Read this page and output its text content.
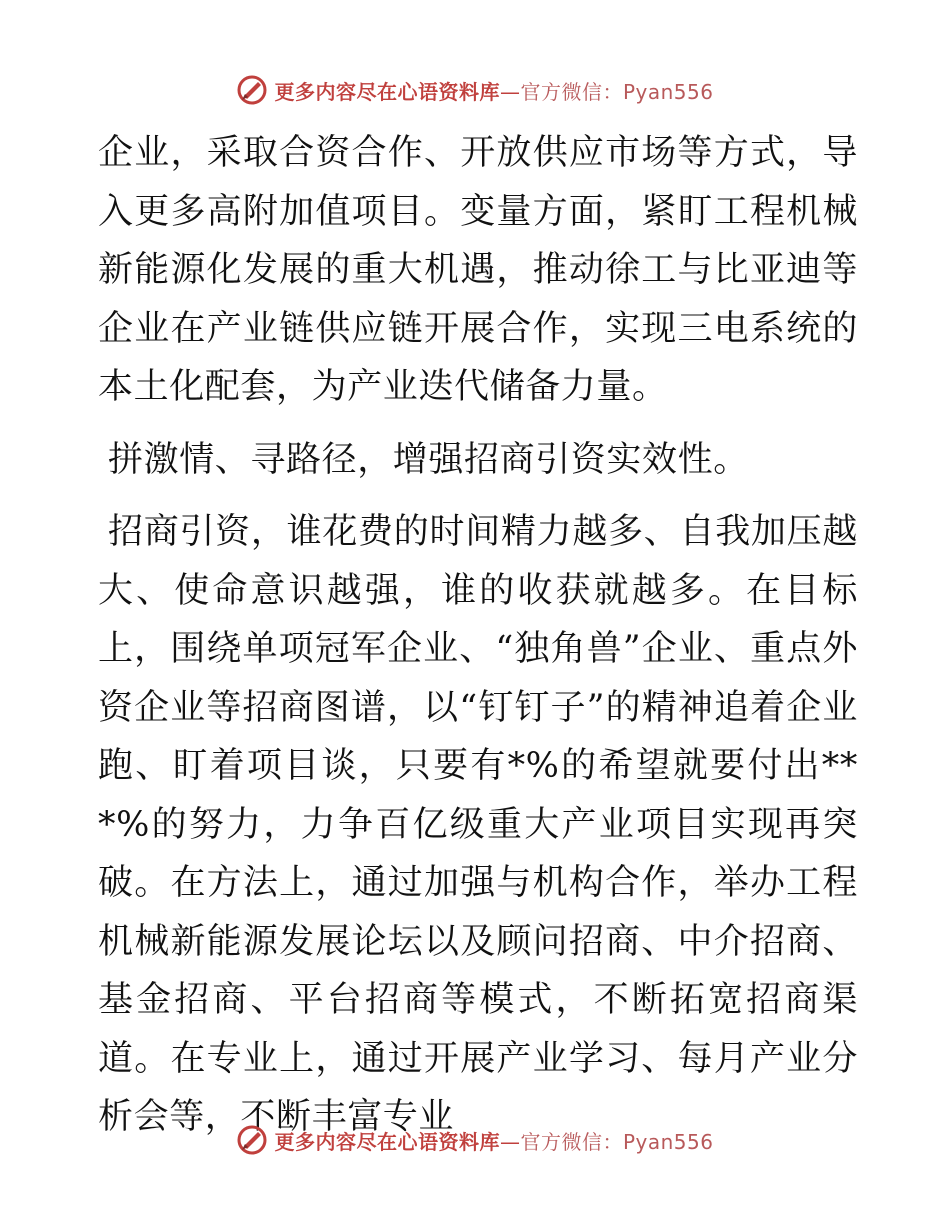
更多内容尽在心语资料库—官方微信：Pyan556

企业，采取合资合作、开放供应市场等方式，导入更多高附加值项目。变量方面，紧盯工程机械新能源化发展的重大机遇，推动徐工与比亚迪等企业在产业链供应链开展合作，实现三电系统的本土化配套，为产业迭代储备力量。

拼激情、寻路径，增强招商引资实效性。

招商引资，谁花费的时间精力越多、自我加压越大、使命意识越强，谁的收获就越多。在目标上，围绕单项冠军企业、“独角兽”企业、重点外资企业等招商图谱，以“钉钉子”的精神追着企业跑、盯着项目谈，只要有*%的希望就要付出***%的努力，力争百亿级重大产业项目实现再突破。在方法上，通过加强与机构合作，举办工程机械新能源发展论坛以及顾问招商、中介招商、基金招商、平台招商等模式，不断拓宽招商渠道。在专业上，通过开展产业学习、每月产业分析会等，不断丰富专业

更多内容尽在心语资料库—官方微信：Pyan556
